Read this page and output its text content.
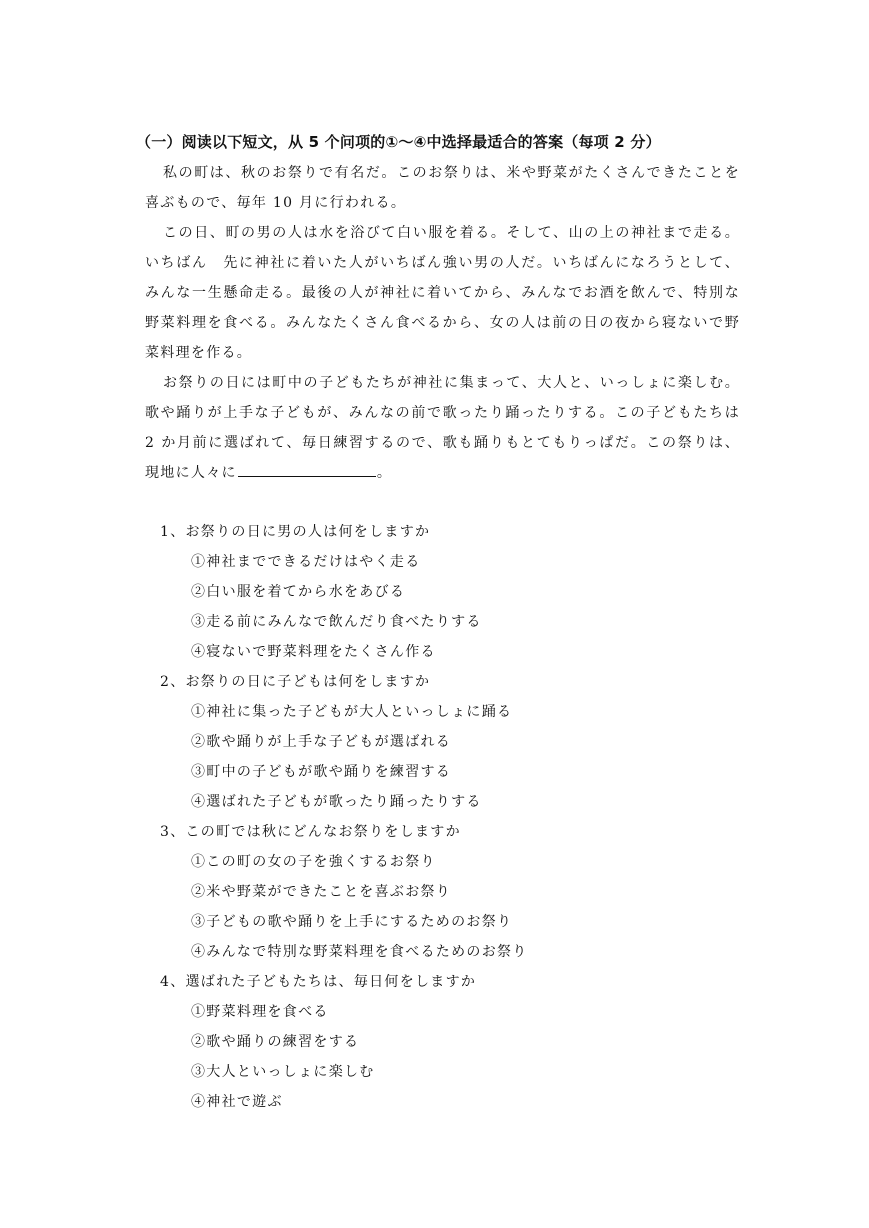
（一）阅读以下短文，从 5 个问项的①～④中选择最适合的答案（每项 2 分）

私の町は、秋のお祭りで有名だ。このお祭りは、米や野菜がたくさんできたことを喜ぶもので、毎年 10 月に行われる。

この日、町の男の人は水を浴びて白い服を着る。そして、山の上の神社まで走る。いちばん　先に神社に着いた人がいちばん強い男の人だ。いちばんになろうとして、みんな一生懸命走る。最後の人が神社に着いてから、みんなでお酒を飲んで、特別な野菜料理を食べる。みんなたくさん食べるから、女の人は前の日の夜から寝ないで野菜料理を作る。

お祭りの日には町中の子どもたちが神社に集まって、大人と、いっしょに楽しむ。歌や踊りが上手な子どもが、みんなの前で歌ったり踊ったりする。この子どもたちは 2 か月前に選ばれて、毎日練習するので、歌も踊りもとてもりっぱだ。この祭りは、現地に人々に	。

1、お祭りの日に男の人は何をしますか
①神社までできるだけはやく走る
②白い服を着てから水をあびる
③走る前にみんなで飲んだり食べたりする
④寝ないで野菜料理をたくさん作る
2、お祭りの日に子どもは何をしますか
①神社に集った子どもが大人といっしょに踊る
②歌や踊りが上手な子どもが選ばれる
③町中の子どもが歌や踊りを練習する
④選ばれた子どもが歌ったり踊ったりする
3、この町では秋にどんなお祭りをしますか
①この町の女の子を強くするお祭り
②米や野菜ができたことを喜ぶお祭り
③子どもの歌や踊りを上手にするためのお祭り
④みんなで特別な野菜料理を食べるためのお祭り
4、選ばれた子どもたちは、毎日何をしますか
①野菜料理を食べる
②歌や踊りの練習をする
③大人といっしょに楽しむ
④神社で遊ぶ
